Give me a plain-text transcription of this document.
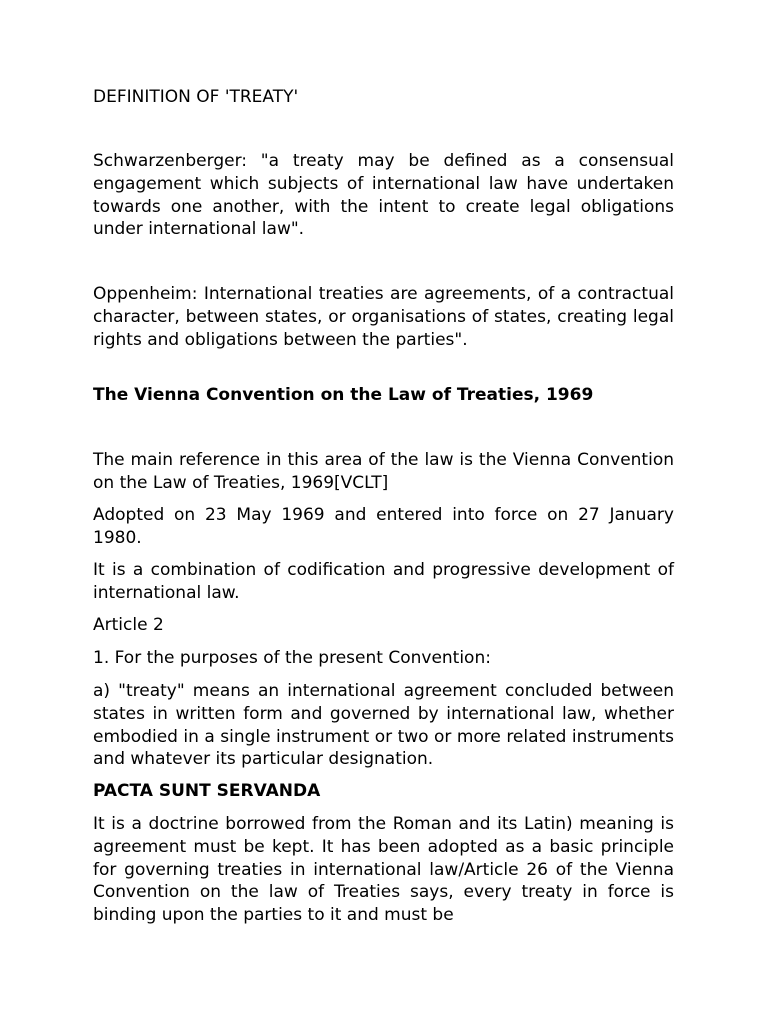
DEFINITION OF 'TREATY'

Schwarzenberger: "a treaty may be defined as a consensual engagement which subjects of international law have undertaken towards one another, with the intent to create legal obligations under international law".

Oppenheim: International treaties are agreements, of a contractual character, between states, or organisations of states, creating legal rights and obligations between the parties".

The Vienna Convention on the Law of Treaties, 1969

The main reference in this area of the law is the Vienna Convention on the Law of Treaties, 1969[VCLT]

Adopted on 23 May 1969 and entered into force on 27 January 1980.

It is a combination of codification and progressive development of international law.

Article 2

1. For the purposes of the present Convention:

a) "treaty" means an international agreement concluded between states in written form and governed by international law, whether embodied in a single instrument or two or more related instruments and whatever its particular designation.

PACTA SUNT SERVANDA

It is a doctrine borrowed from the Roman and its Latin) meaning is agreement must be kept. It has been adopted as a basic principle for governing treaties in international law/Article 26 of the Vienna Convention on the law of Treaties says, every treaty in force is binding upon the parties to it and must be
